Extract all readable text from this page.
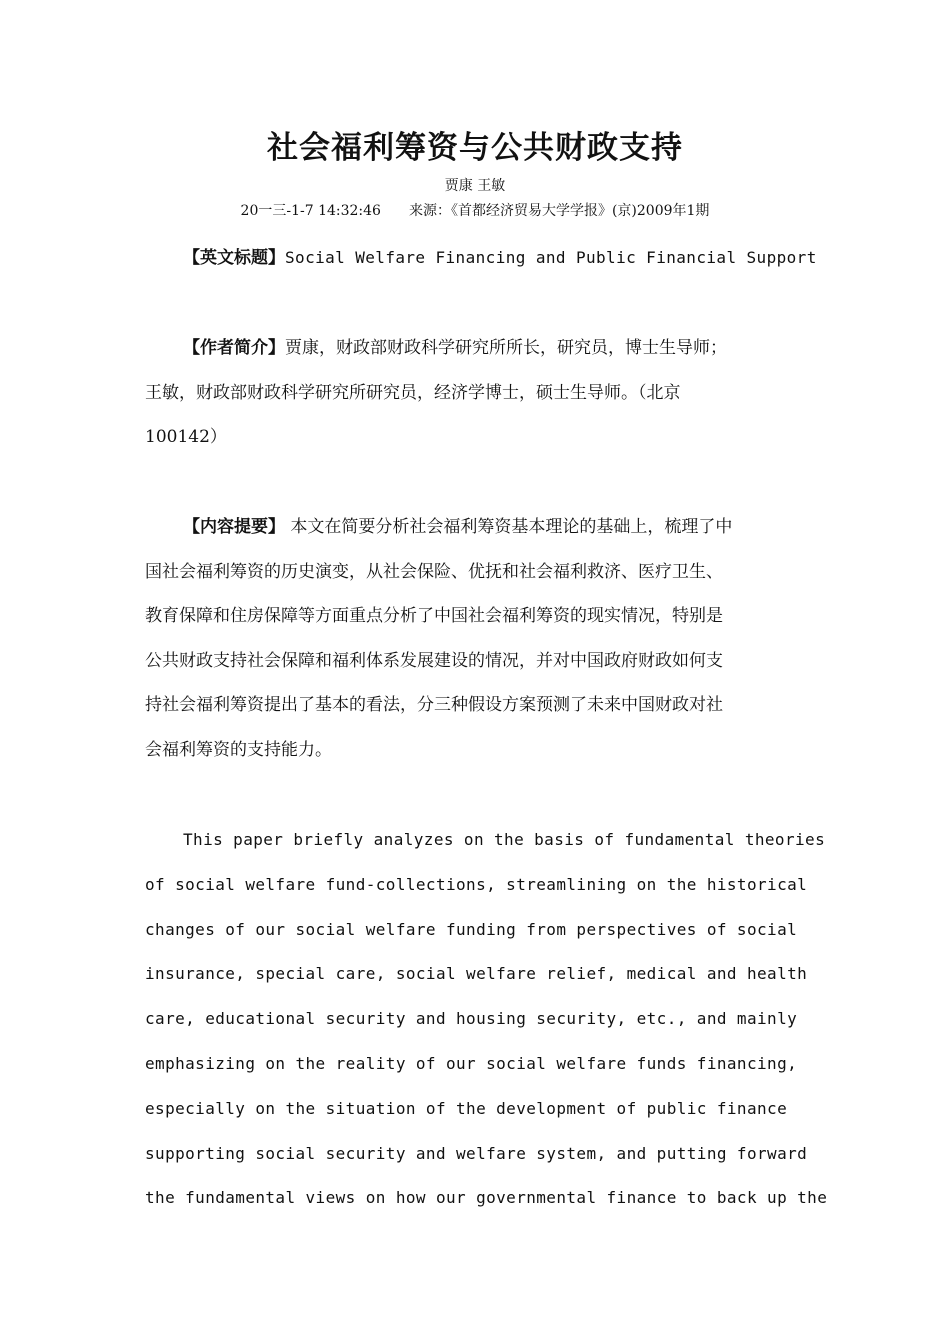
社会福利筹资与公共财政支持
贾康 王敏
20一三-1-7 14:32:46 来源：《首都经济贸易大学学报》(京)2009年1期
【英文标题】Social Welfare Financing and Public Financial Support
【作者简介】贾康，财政部财政科学研究所所长，研究员，博士生导师；
王敏，财政部财政科学研究所研究员，经济学博士，硕士生导师。（北京
100142）
【内容提要】 本文在简要分析社会福利筹资基本理论的基础上，梳理了中
国社会福利筹资的历史演变，从社会保险、优抚和社会福利救济、医疗卫生、
教育保障和住房保障等方面重点分析了中国社会福利筹资的现实情况，特别是
公共财政支持社会保障和福利体系发展建设的情况，并对中国政府财政如何支
持社会福利筹资提出了基本的看法，分三种假设方案预测了未来中国财政对社
会福利筹资的支持能力。
This paper briefly analyzes on the basis of fundamental theories
of social welfare fund-collections, streamlining on the historical
changes of our social welfare funding from perspectives of social
insurance, special care, social welfare relief, medical and health
care, educational security and housing security, etc., and mainly
emphasizing on the reality of our social welfare funds financing,
especially on the situation of the development of public finance
supporting social security and welfare system, and putting forward
the fundamental views on how our governmental finance to back up the
